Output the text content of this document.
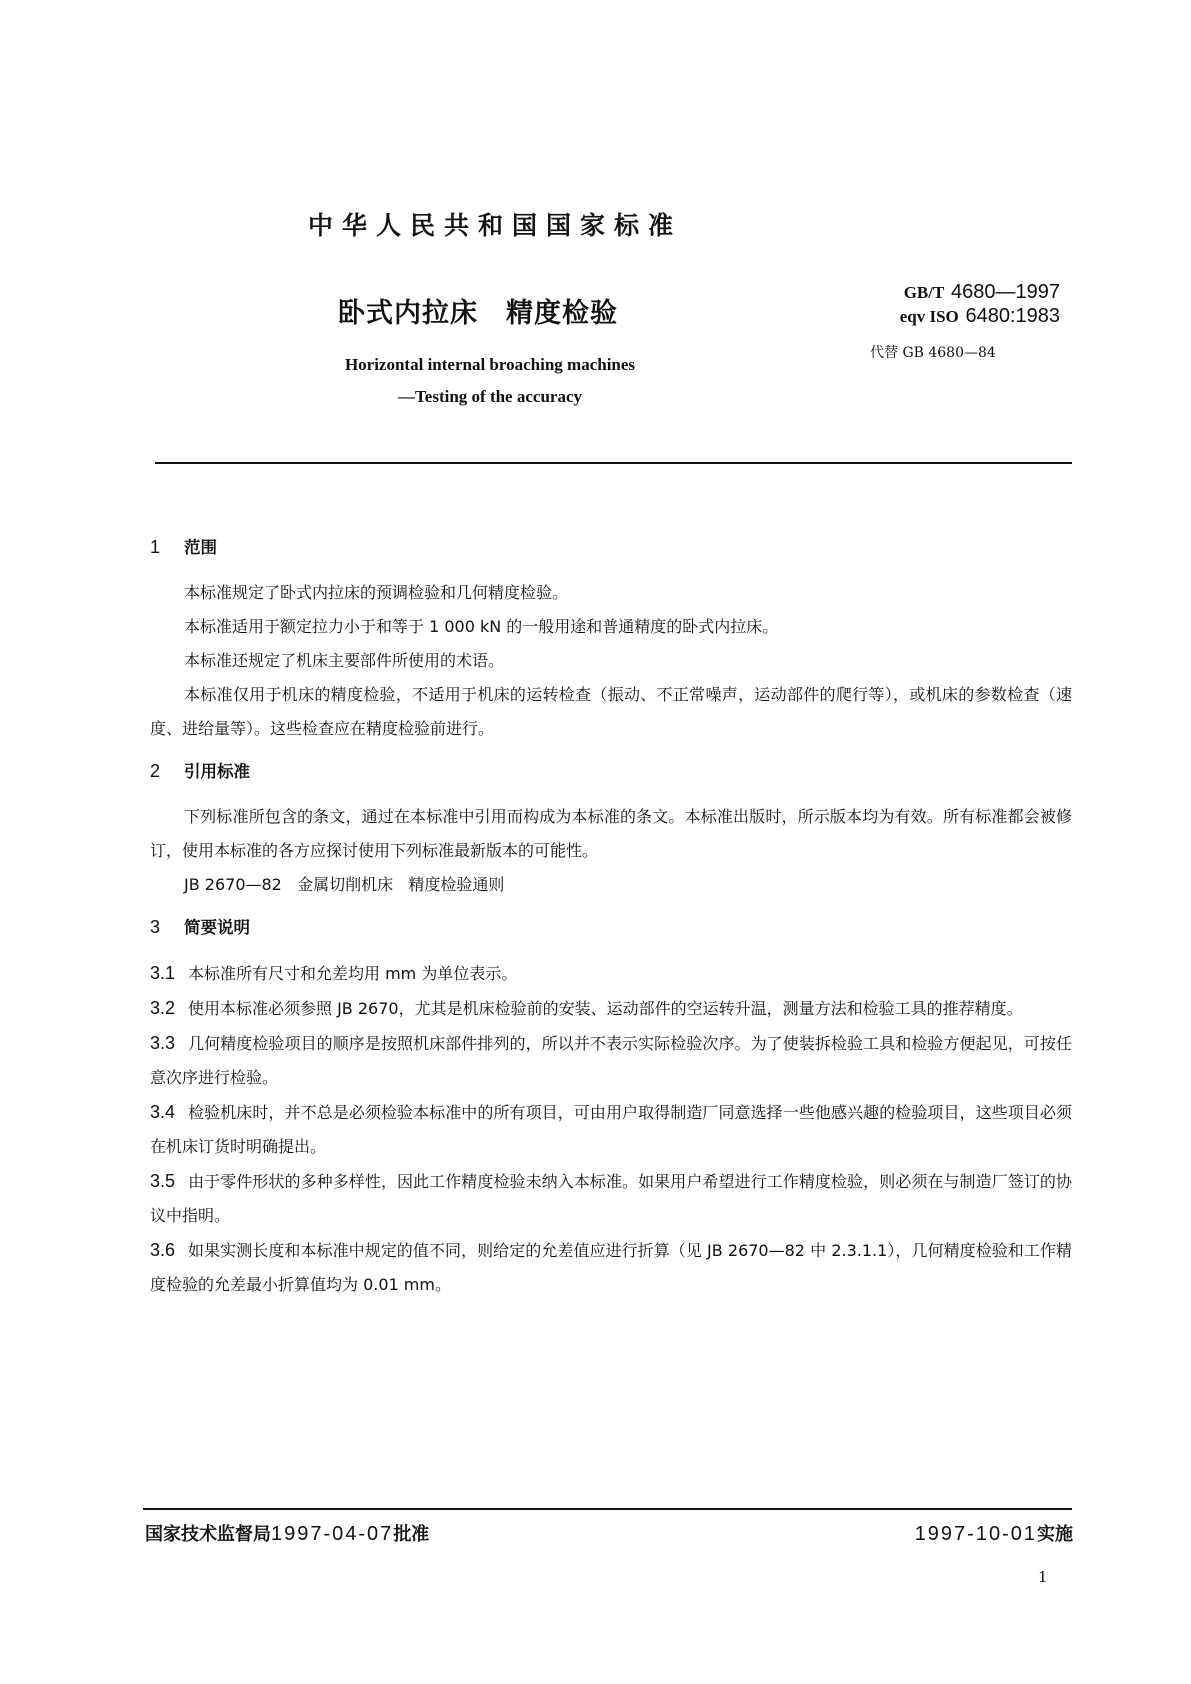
中华人民共和国国家标准
卧式内拉床 精度检验
Horizontal internal broaching machines
—Testing of the accuracy
GB/T 4680—1997
eqv ISO 6480:1983
代替 GB 4680—84
1 范围

本标准规定了卧式内拉床的预调检验和几何精度检验。

本标准适用于额定拉力小于和等于 1 000 kN 的一般用途和普通精度的卧式内拉床。

本标准还规定了机床主要部件所使用的术语。

本标准仅用于机床的精度检验，不适用于机床的运转检查（振动、不正常噪声，运动部件的爬行等），或机床的参数检查（速度、进给量等）。这些检查应在精度检验前进行。

2 引用标准

下列标准所包含的条文，通过在本标准中引用而构成为本标准的条文。本标准出版时，所示版本均为有效。所有标准都会被修订，使用本标准的各方应探讨使用下列标准最新版本的可能性。

JB 2670—82   金属切削机床   精度检验通则

3 简要说明

3.1 本标准所有尺寸和允差均用 mm 为单位表示。

3.2 使用本标准必须参照 JB 2670，尤其是机床检验前的安装、运动部件的空运转升温，测量方法和检验工具的推荐精度。

3.3 几何精度检验项目的顺序是按照机床部件排列的，所以并不表示实际检验次序。为了使装拆检验工具和检验方便起见，可按任意次序进行检验。

3.4 检验机床时，并不总是必须检验本标准中的所有项目，可由用户取得制造厂同意选择一些他感兴趣的检验项目，这些项目必须在机床订货时明确提出。

3.5 由于零件形状的多种多样性，因此工作精度检验未纳入本标准。如果用户希望进行工作精度检验，则必须在与制造厂签订的协议中指明。

3.6 如果实测长度和本标准中规定的值不同，则给定的允差值应进行折算（见 JB 2670—82 中 2.3.1.1），几何精度检验和工作精度检验的允差最小折算值均为 0.01 mm。

国家技术监督局1997-04-07批准	1997-10-01实施
1
